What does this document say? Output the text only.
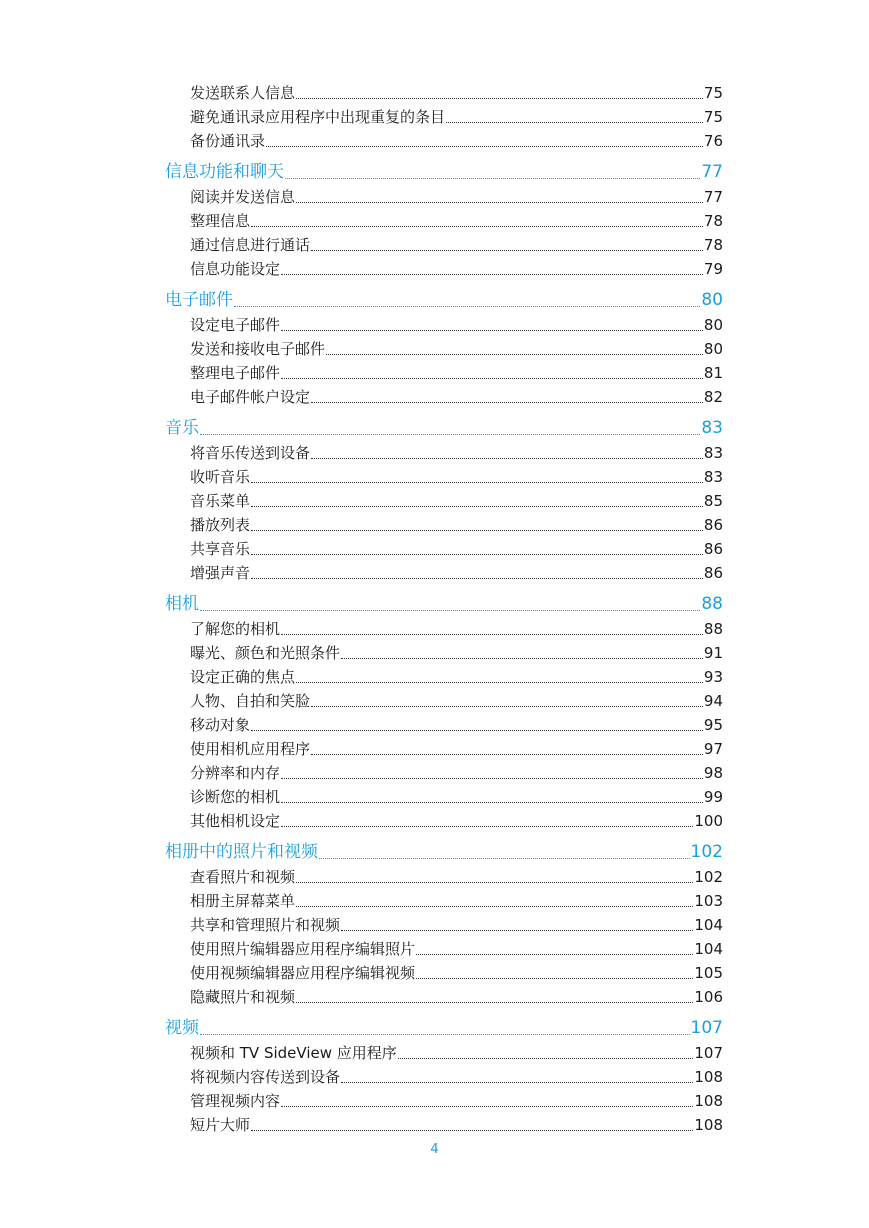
发送联系人信息	75
避免通讯录应用程序中出现重复的条目	75
备份通讯录	76
信息功能和聊天	77
阅读并发送信息	77
整理信息	78
通过信息进行通话	78
信息功能设定	79
电子邮件	80
设定电子邮件	80
发送和接收电子邮件	80
整理电子邮件	81
电子邮件帐户设定	82
音乐	83
将音乐传送到设备	83
收听音乐	83
音乐菜单	85
播放列表	86
共享音乐	86
增强声音	86
相机	88
了解您的相机	88
曝光、颜色和光照条件	91
设定正确的焦点	93
人物、自拍和笑脸	94
移动对象	95
使用相机应用程序	97
分辨率和内存	98
诊断您的相机	99
其他相机设定	100
相册中的照片和视频	102
查看照片和视频	102
相册主屏幕菜单	103
共享和管理照片和视频	104
使用照片编辑器应用程序编辑照片	104
使用视频编辑器应用程序编辑视频	105
隐藏照片和视频	106
视频	107
视频和 TV SideView 应用程序	107
将视频内容传送到设备	108
管理视频内容	108
短片大师	108
4
